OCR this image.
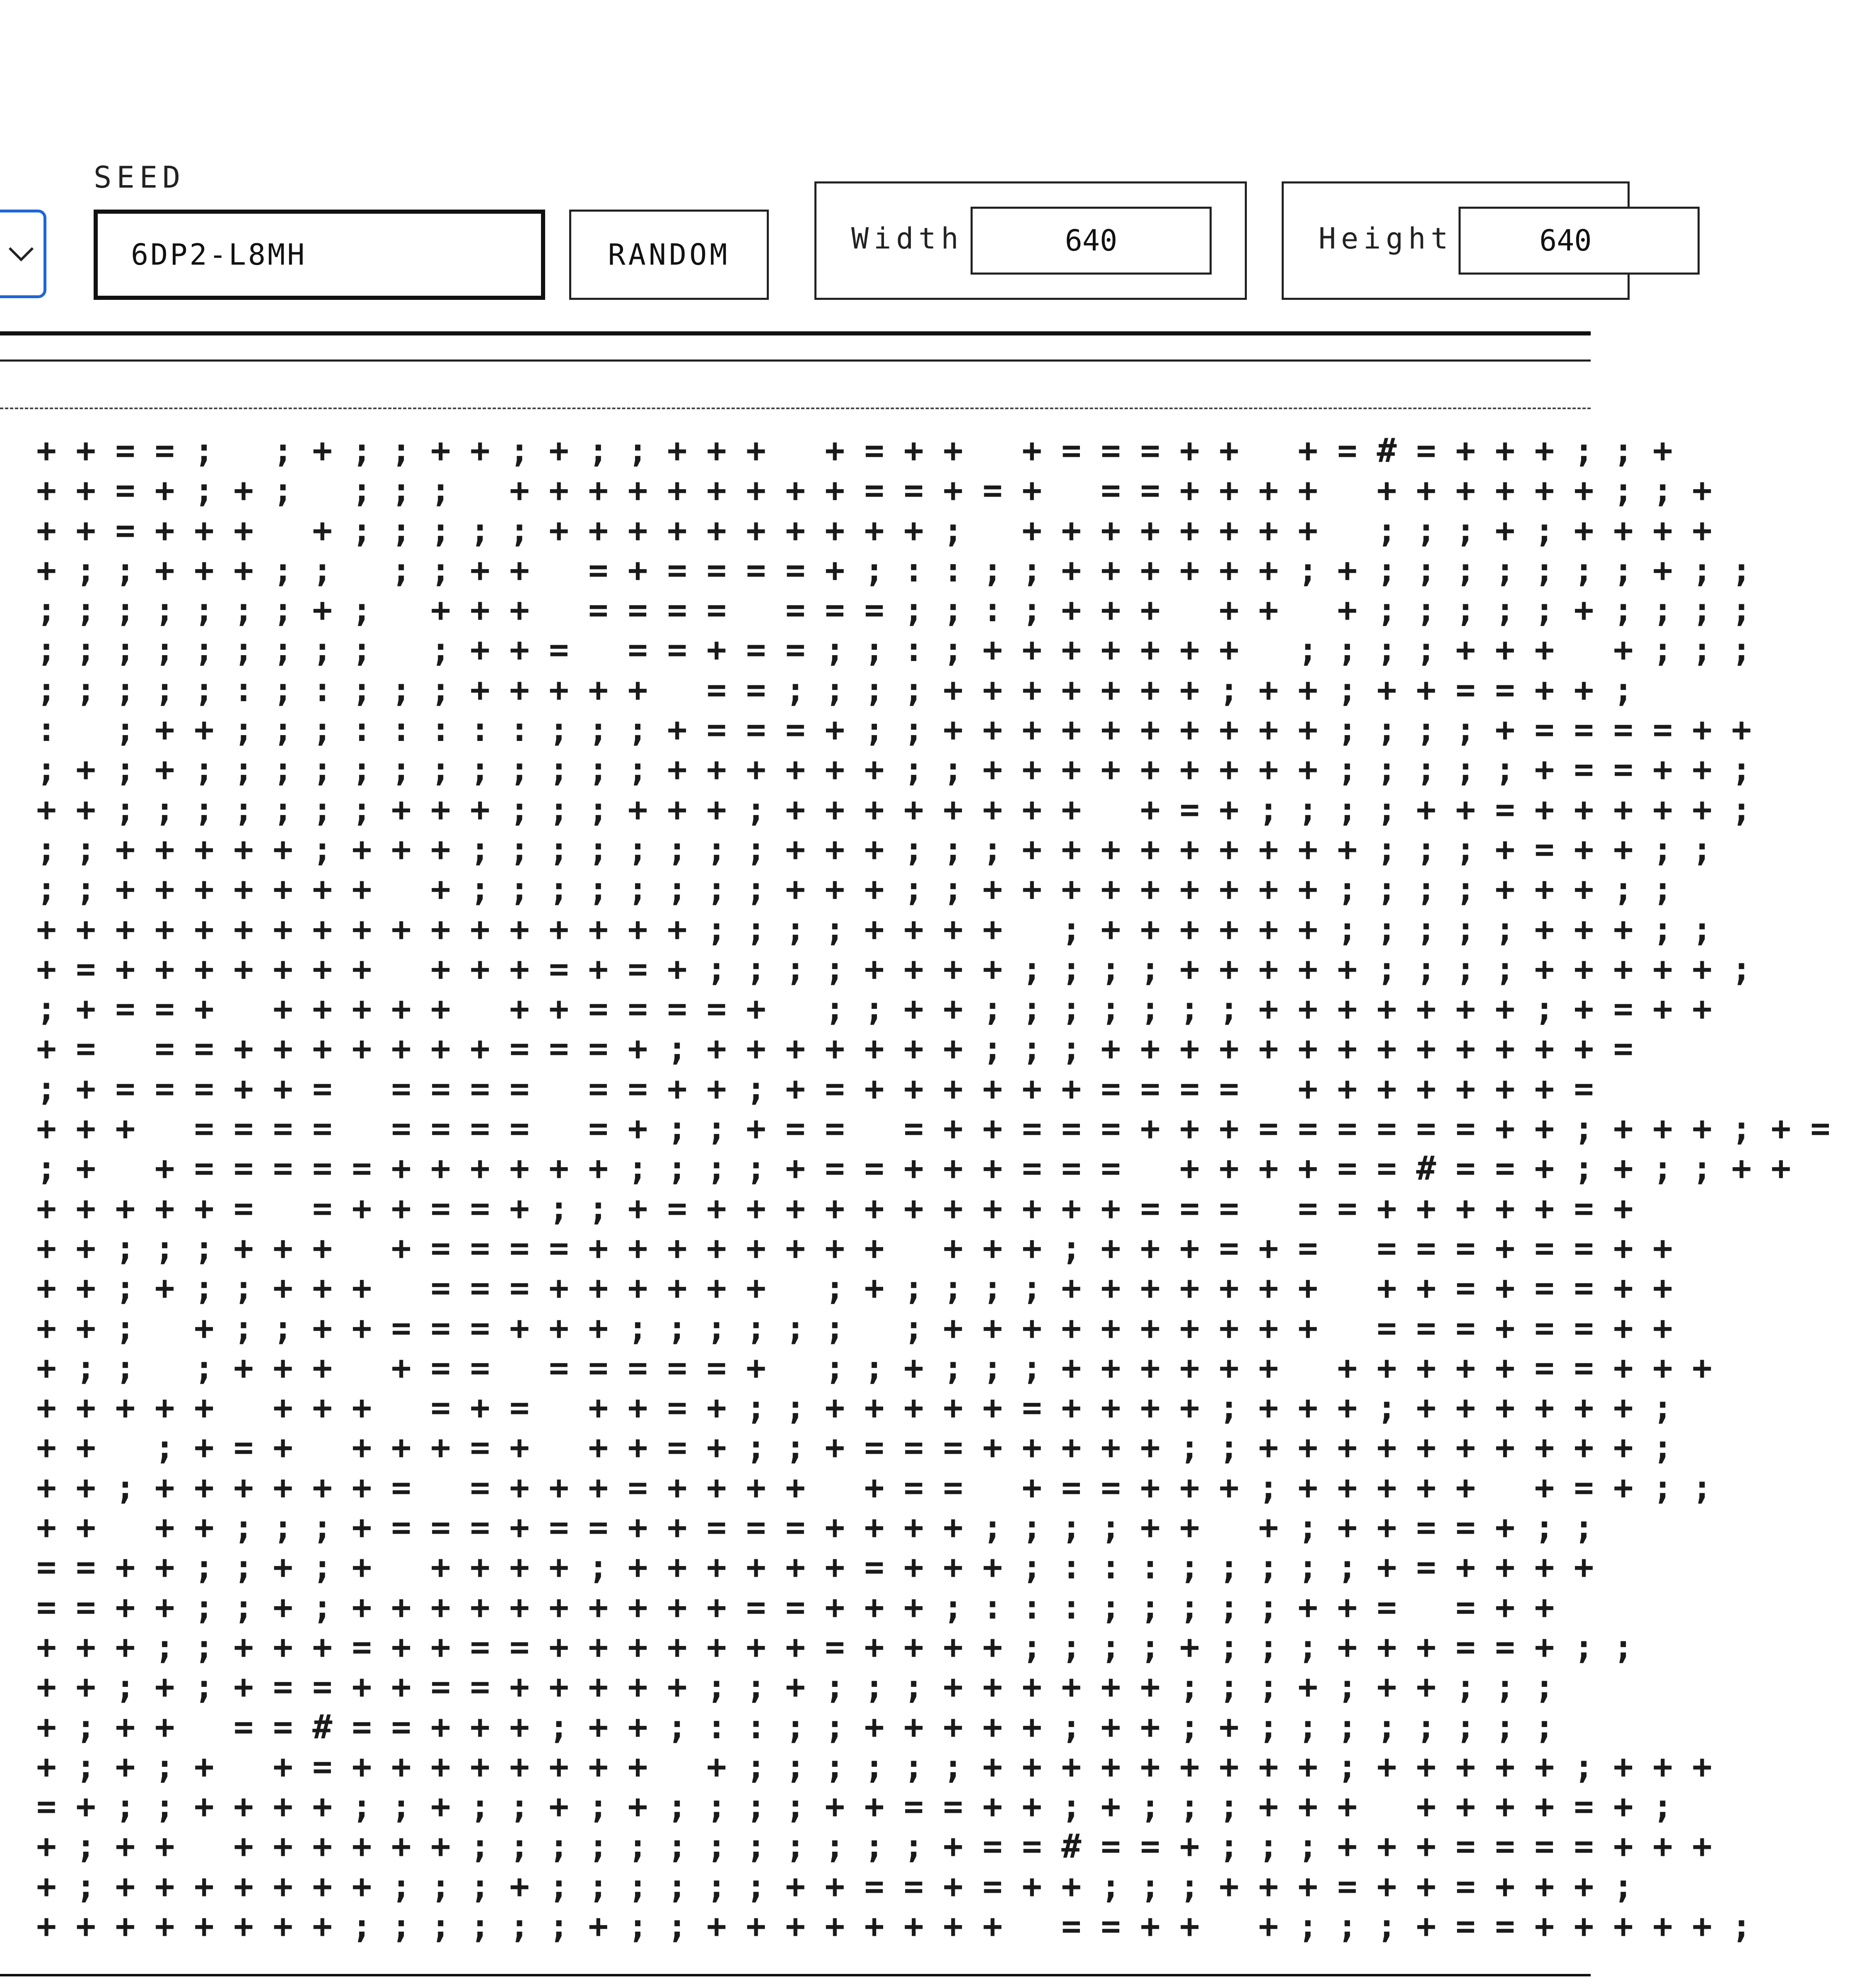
SEED
6DP2-L8MH
RANDOM	Width
640	Height
640
++==; ;+;;++;+;;+++ +=++ +===++ +=#=+++;;+
++=+;+; ;;; +++++++++==+=+ ==++++ ++++++;;+
++=+++ +;;;;;++++++++++; ++++++++ ;;;+;++++
+;;+++;; ;;++ =+====+;::;;++++++;+;;;;;;;+;;
;;;;;;;+; +++ ==== ===;;:;+++ ++ +;;;;;+;;;;
;;;;;;;;; ;++= ==+==;;:;+++++++ ;;;;+++ +;;;
;;;;;:;:;;;+++++ ==;;;;+++++++;++;++==++;
: ;++;;;:::::;;;+===+;;++++++++++;;;;+====++
;+;+;;;;;;;;;;;;++++++;;+++++++++;;;;;+==++;
++;;;;;;;+++;;;+++;++++++++ +=+;;;;++=+++++;
;;+++++;+++;;;;;;;;+++;;;+++++++++;;;+=++;;
;;+++++++ +;;;;;;;;+++;;+++++++++;;;;+++;;
+++++++++++++++++;;;;++++ ;++++++;;;;;+++;;
+=+++++++ +++=+=+;;;;++++;;;;+++++;;;;+++++;
;+==+ +++++ ++====+ ;;++;;;;;;;+++++++;+=++
+= ==+++++++===+;+++++++;;;+++++++++++++=
;+===++= ==== ==++;+=++++++==== +++++++=
+++ ==== ==== =+;;+== =++===+++======++;+++;+=
;+ +=====++++++;;;;+==+++=== ++++==#==+;+;;++
+++++= =++==+;;+=+++++++++++=== ==+++++=+
++;;;+++ +====++++++++ +++;+++=+= ===+==++
++;+;;+++ ===++++++ ;+;;;;+++++++ ++=+==++
++; +;;++===+++;;;;;; ;++++++++++ ===+==++
+;; ;+++ +== =====+ ;;+;;;++++++ +++++==+++
+++++ +++ =+= ++=+;;+++++=++++;+++;++++++;
++ ;+=+ +++=+ ++=+;;+===+++++;;++++++++++;
++;++++++= =+++=++++ +== +==+++;+++++ +=+;;
++ ++;;;+===+==++===++++;;;;++ +;++==+;;
==++;;+;+ ++++;++++++=+++;:::;;;;;+=++++
==++;;+;++++++++++==+++;:::;;;;;++= =++
+++;;+++=++==+++++++=++++;;;;+;;;+++==+;;
++;+;+==++==+++++;;+;;;++++++;;;+;++;;;
+;++ ==#==+++;++;::;;+++++;++;+;;;;;;;;
+;+;+ +=++++++++ +;;;;;;+++++++++;+++++;+++
=+;;++++;;+;;+;+;;;;++==++;+;;;+++ ++++=+;
+;++ ++++++;;;;;;;;;;;;+==#==+;;;+++====+++
+;+++++++;;;+;;;;;;++==+=++;;;+++=++=+++;
++++++++;;;;;;+;;++++++++ ==++ +;;;+==+++++;
